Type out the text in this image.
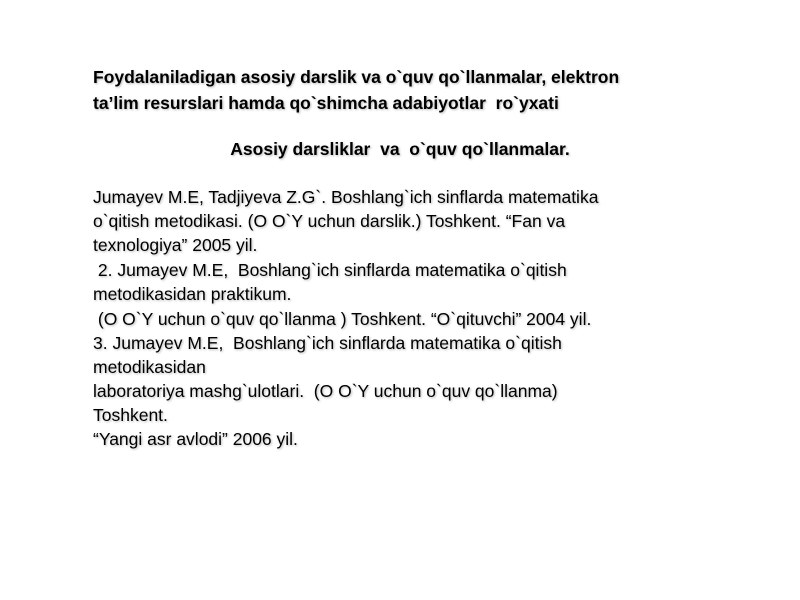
Foydalaniladigan asosiy darslik va o`quv qo`llanmalar, elektron
ta’lim resurslari hamda qo`shimcha adabiyotlar  ro`yxati
Asosiy darsliklar  va  o`quv qo`llanmalar.
Jumayev M.E, Tadjiyeva Z.G`. Boshlang`ich sinflarda matematika
o`qitish metodikasi. (O O`Y uchun darslik.) Toshkent. “Fan va
texnologiya” 2005 yil.
2. Jumayev M.E,  Boshlang`ich sinflarda matematika o`qitish
metodikasidan praktikum.
(O O`Y uchun o`quv qo`llanma ) Toshkent. “O`qituvchi” 2004 yil.
3. Jumayev M.E,  Boshlang`ich sinflarda matematika o`qitish
metodikasidan
laboratoriya mashg`ulotlari.  (O O`Y uchun o`quv qo`llanma)
Toshkent.
“Yangi asr avlodi” 2006 yil.
